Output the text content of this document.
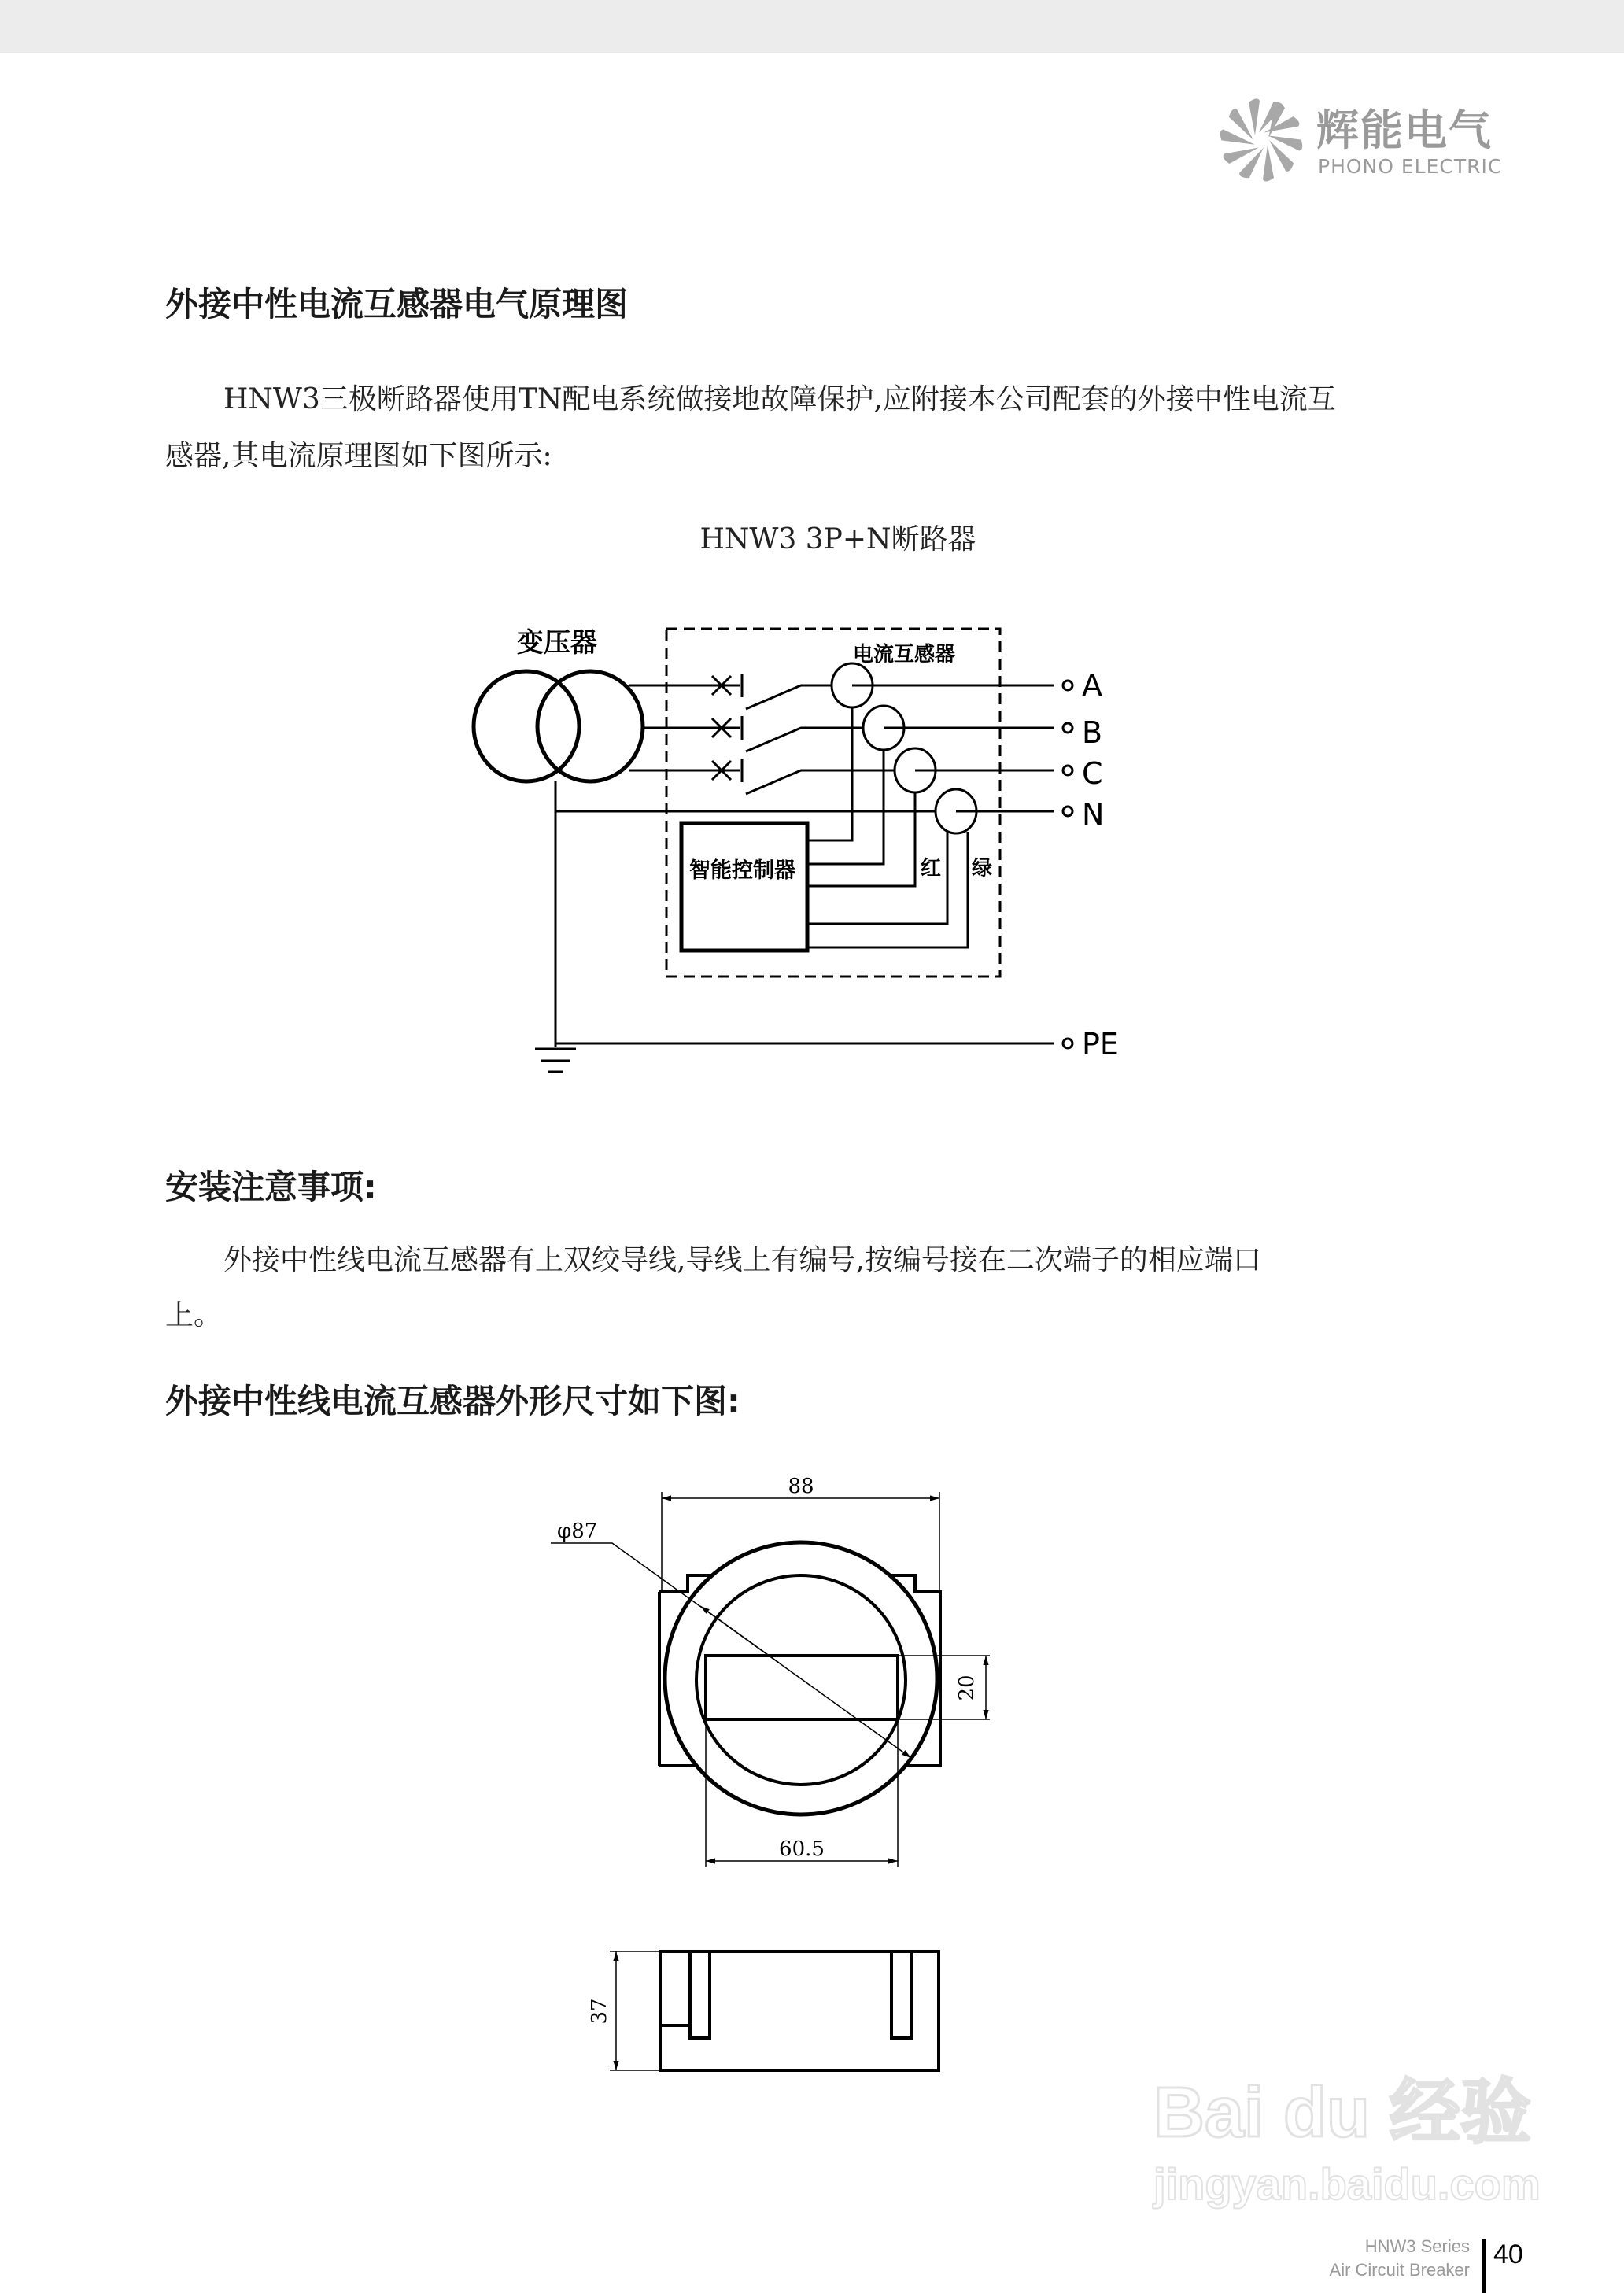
辉能电气
PHONO ELECTRIC
外接中性电流互感器电气原理图
HNW3三极断路器使用TN配电系统做接地故障保护,应附接本公司配套的外接中性电流互
感器,其电流原理图如下图所示:
HNW3 3P+N断路器
变压器	电流互感器
智能控制器	红 绿
A
B
C
N
PE
安装注意事项:
外接中性线电流互感器有上双绞导线,导线上有编号,按编号接在二次端子的相应端口
上。
外接中性线电流互感器外形尺寸如下图:
88
φ87
20
60.5
37
Bai du 经验
jingyan.baidu.com
HNW3 Series
Air Circuit Breaker
40
